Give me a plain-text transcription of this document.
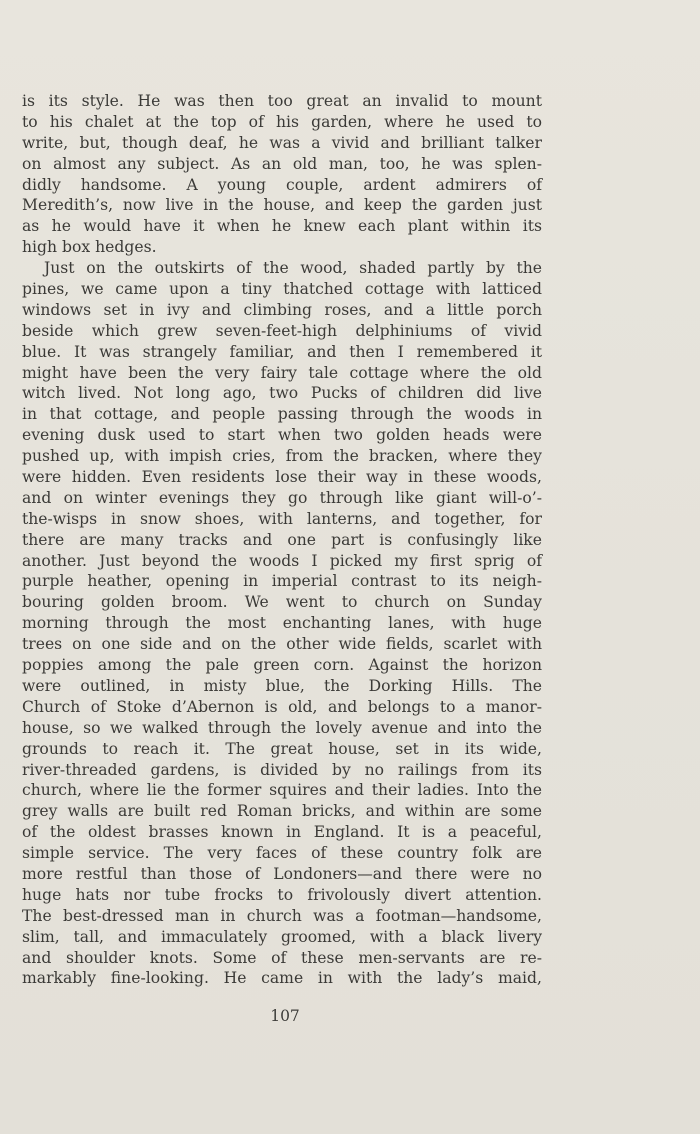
is its style. He was then too great an invalid to mount
to his chalet at the top of his garden, where he used to
write, but, though deaf, he was a vivid and brilliant talker
on almost any subject. As an old man, too, he was splen-
didly handsome. A young couple, ardent admirers of
Meredith’s, now live in the house, and keep the garden just
as he would have it when he knew each plant within its
high box hedges.
Just on the outskirts of the wood, shaded partly by the
pines, we came upon a tiny thatched cottage with latticed
windows set in ivy and climbing roses, and a little porch
beside which grew seven-feet-high delphiniums of vivid
blue. It was strangely familiar, and then I remembered it
might have been the very fairy tale cottage where the old
witch lived. Not long ago, two Pucks of children did live
in that cottage, and people passing through the woods in
evening dusk used to start when two golden heads were
pushed up, with impish cries, from the bracken, where they
were hidden. Even residents lose their way in these woods,
and on winter evenings they go through like giant will-o’-
the-wisps in snow shoes, with lanterns, and together, for
there are many tracks and one part is confusingly like
another. Just beyond the woods I picked my first sprig of
purple heather, opening in imperial contrast to its neigh-
bouring golden broom. We went to church on Sunday
morning through the most enchanting lanes, with huge
trees on one side and on the other wide fields, scarlet with
poppies among the pale green corn. Against the horizon
were outlined, in misty blue, the Dorking Hills. The
Church of Stoke d’Abernon is old, and belongs to a manor-
house, so we walked through the lovely avenue and into the
grounds to reach it. The great house, set in its wide,
river-threaded gardens, is divided by no railings from its
church, where lie the former squires and their ladies. Into the
grey walls are built red Roman bricks, and within are some
of the oldest brasses known in England. It is a peaceful,
simple service. The very faces of these country folk are
more restful than those of Londoners—and there were no
huge hats nor tube frocks to frivolously divert attention.
The best-dressed man in church was a footman—handsome,
slim, tall, and immaculately groomed, with a black livery
and shoulder knots. Some of these men-servants are re-
markably fine-looking. He came in with the lady’s maid,
107
